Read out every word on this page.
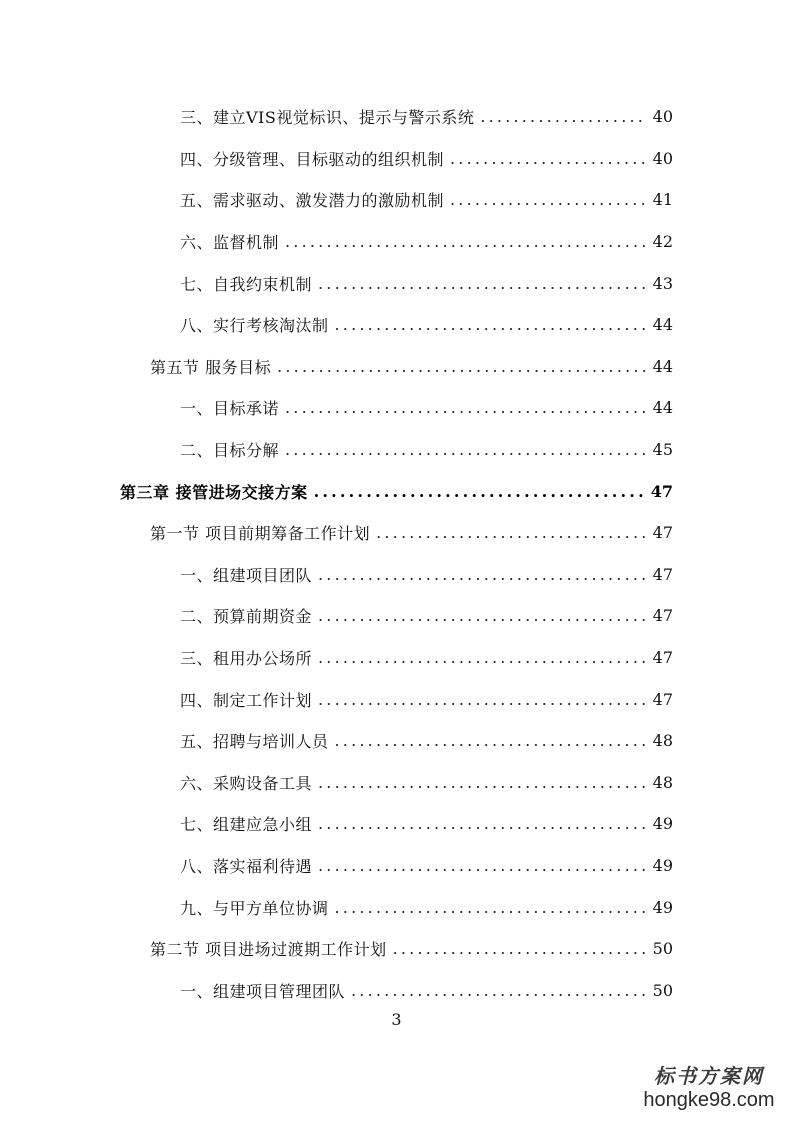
三、建立VIS视觉标识、提示与警示系统 .....	40
四、分级管理、目标驱动的组织机制 .....	40
五、需求驱动、激发潜力的激励机制 .....	41
六、监督机制 .....	42
七、自我约束机制 .....	43
八、实行考核淘汰制 .....	44
第五节 服务目标 .....	44
一、目标承诺 .....	44
二、目标分解 .....	45
第三章 接管进场交接方案 .....	47
第一节 项目前期筹备工作计划 .....	47
一、组建项目团队 .....	47
二、预算前期资金 .....	47
三、租用办公场所 .....	47
四、制定工作计划 .....	47
五、招聘与培训人员 .....	48
六、采购设备工具 .....	48
七、组建应急小组 .....	49
八、落实福利待遇 .....	49
九、与甲方单位协调 .....	49
第二节 项目进场过渡期工作计划 .....	50
一、组建项目管理团队 .....	50
3
标书方案网
hongke98.com
